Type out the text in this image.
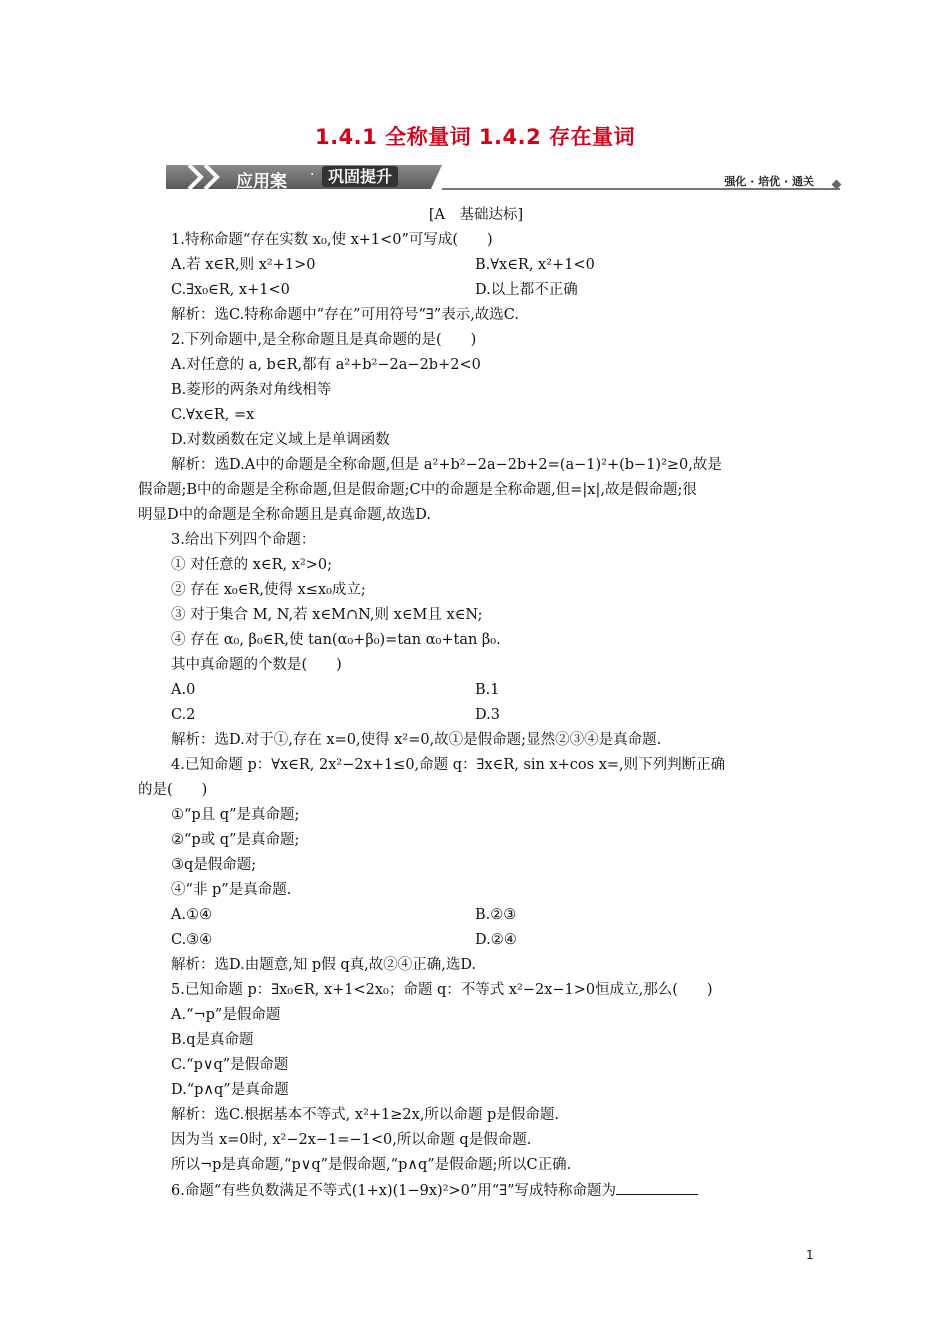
1.4.1 全称量词 1.4.2 存在量词
应用案 · 巩固提升	强化 · 培优 · 通关
[A　基础达标]
1.特称命题“存在实数 x₀,使 x+1<0”可写成(　　)
A.若 x∈R,则 x²+1>0	B.∀x∈R, x²+1<0
C.∃x₀∈R, x+1<0	D.以上都不正确
解析：选C.特称命题中“存在”可用符号“∃”表示,故选C.
2.下列命题中,是全称命题且是真命题的是(　　)
A.对任意的 a, b∈R,都有 a²+b²−2a−2b+2<0
B.菱形的两条对角线相等
C.∀x∈R, =x
D.对数函数在定义域上是单调函数
解析：选D.A中的命题是全称命题,但是 a²+b²−2a−2b+2=(a−1)²+(b−1)²≥0,故是
假命题;B中的命题是全称命题,但是假命题;C中的命题是全称命题,但=|x|,故是假命题;很
明显D中的命题是全称命题且是真命题,故选D.
3.给出下列四个命题：
① 对任意的 x∈R, x²>0;
② 存在 x₀∈R,使得 x≤x₀成立;
③ 对于集合 M, N,若 x∈M∩N,则 x∈M且 x∈N;
④ 存在 α₀, β₀∈R,使 tan(α₀+β₀)=tan α₀+tan β₀.
其中真命题的个数是(　　)
A.0	B.1
C.2	D.3
解析：选D.对于①,存在 x=0,使得 x²=0,故①是假命题;显然②③④是真命题.
4.已知命题 p：∀x∈R, 2x²−2x+1≤0,命题 q：∃x∈R, sin x+cos x=,则下列判断正确
的是(　　)
①“p且 q”是真命题;
②“p或 q”是真命题;
③q是假命题;
④“非 p”是真命题.
A.①④	B.②③
C.③④	D.②④
解析：选D.由题意,知 p假 q真,故②④正确,选D.
5.已知命题 p：∃x₀∈R, x+1<2x₀；命题 q：不等式 x²−2x−1>0恒成立,那么(　　)
A.“¬p”是假命题
B.q是真命题
C.“p∨q”是假命题
D.“p∧q”是真命题
解析：选C.根据基本不等式, x²+1≥2x,所以命题 p是假命题.
因为当 x=0时, x²−2x−1=−1<0,所以命题 q是假命题.
所以¬p是真命题,“p∨q”是假命题,“p∧q”是假命题;所以C正确.
6.命题“有些负数满足不等式(1+x)(1−9x)²>0”用“∃”写成特称命题为
1
